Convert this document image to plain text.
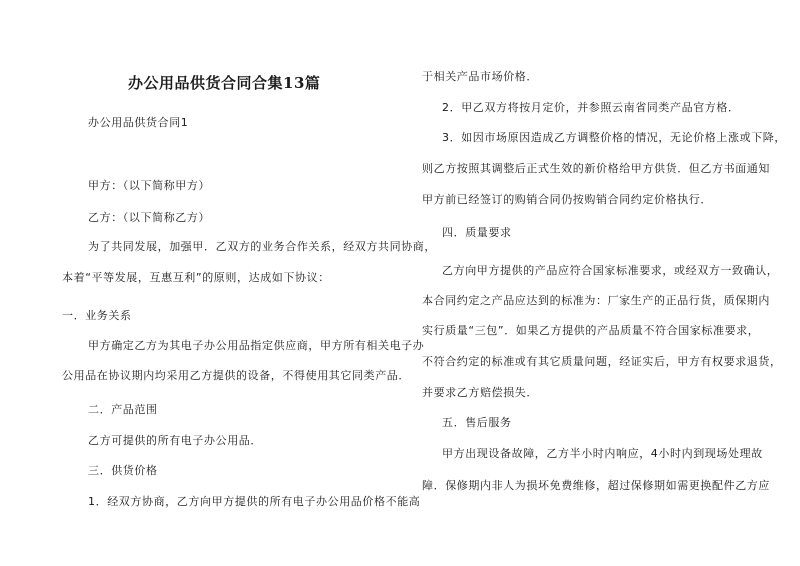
办公用品供货合同合集13篇
办公用品供货合同1
甲方：（以下简称甲方）
乙方：（以下简称乙方）
为了共同发展，加强甲．乙双方的业务合作关系，经双方共同协商，
本着“平等发展，互惠互利”的原则，达成如下协议：
一．业务关系
甲方确定乙方为其电子办公用品指定供应商，甲方所有相关电子办
公用品在协议期内均采用乙方提供的设备，不得使用其它同类产品．
二．产品范围
乙方可提供的所有电子办公用品．
三．供货价格
1．经双方协商，乙方向甲方提供的所有电子办公用品价格不能高
于相关产品市场价格．
2．甲乙双方将按月定价，并参照云南省同类产品官方格．
3．如因市场原因造成乙方调整价格的情况，无论价格上涨或下降，
则乙方按照其调整后正式生效的新价格给甲方供货．但乙方书面通知
甲方前已经签订的购销合同仍按购销合同约定价格执行．
四．质量要求
乙方向甲方提供的产品应符合国家标准要求，或经双方一致确认，
本合同约定之产品应达到的标准为：厂家生产的正品行货，质保期内
实行质量“三包”．如果乙方提供的产品质量不符合国家标准要求，
不符合约定的标准或有其它质量问题，经证实后，甲方有权要求退货，
并要求乙方赔偿损失．
五．售后服务
甲方出现设备故障，乙方半小时内响应，4小时内到现场处理故
障．保修期内非人为损坏免费维修，超过保修期如需更换配件乙方应
